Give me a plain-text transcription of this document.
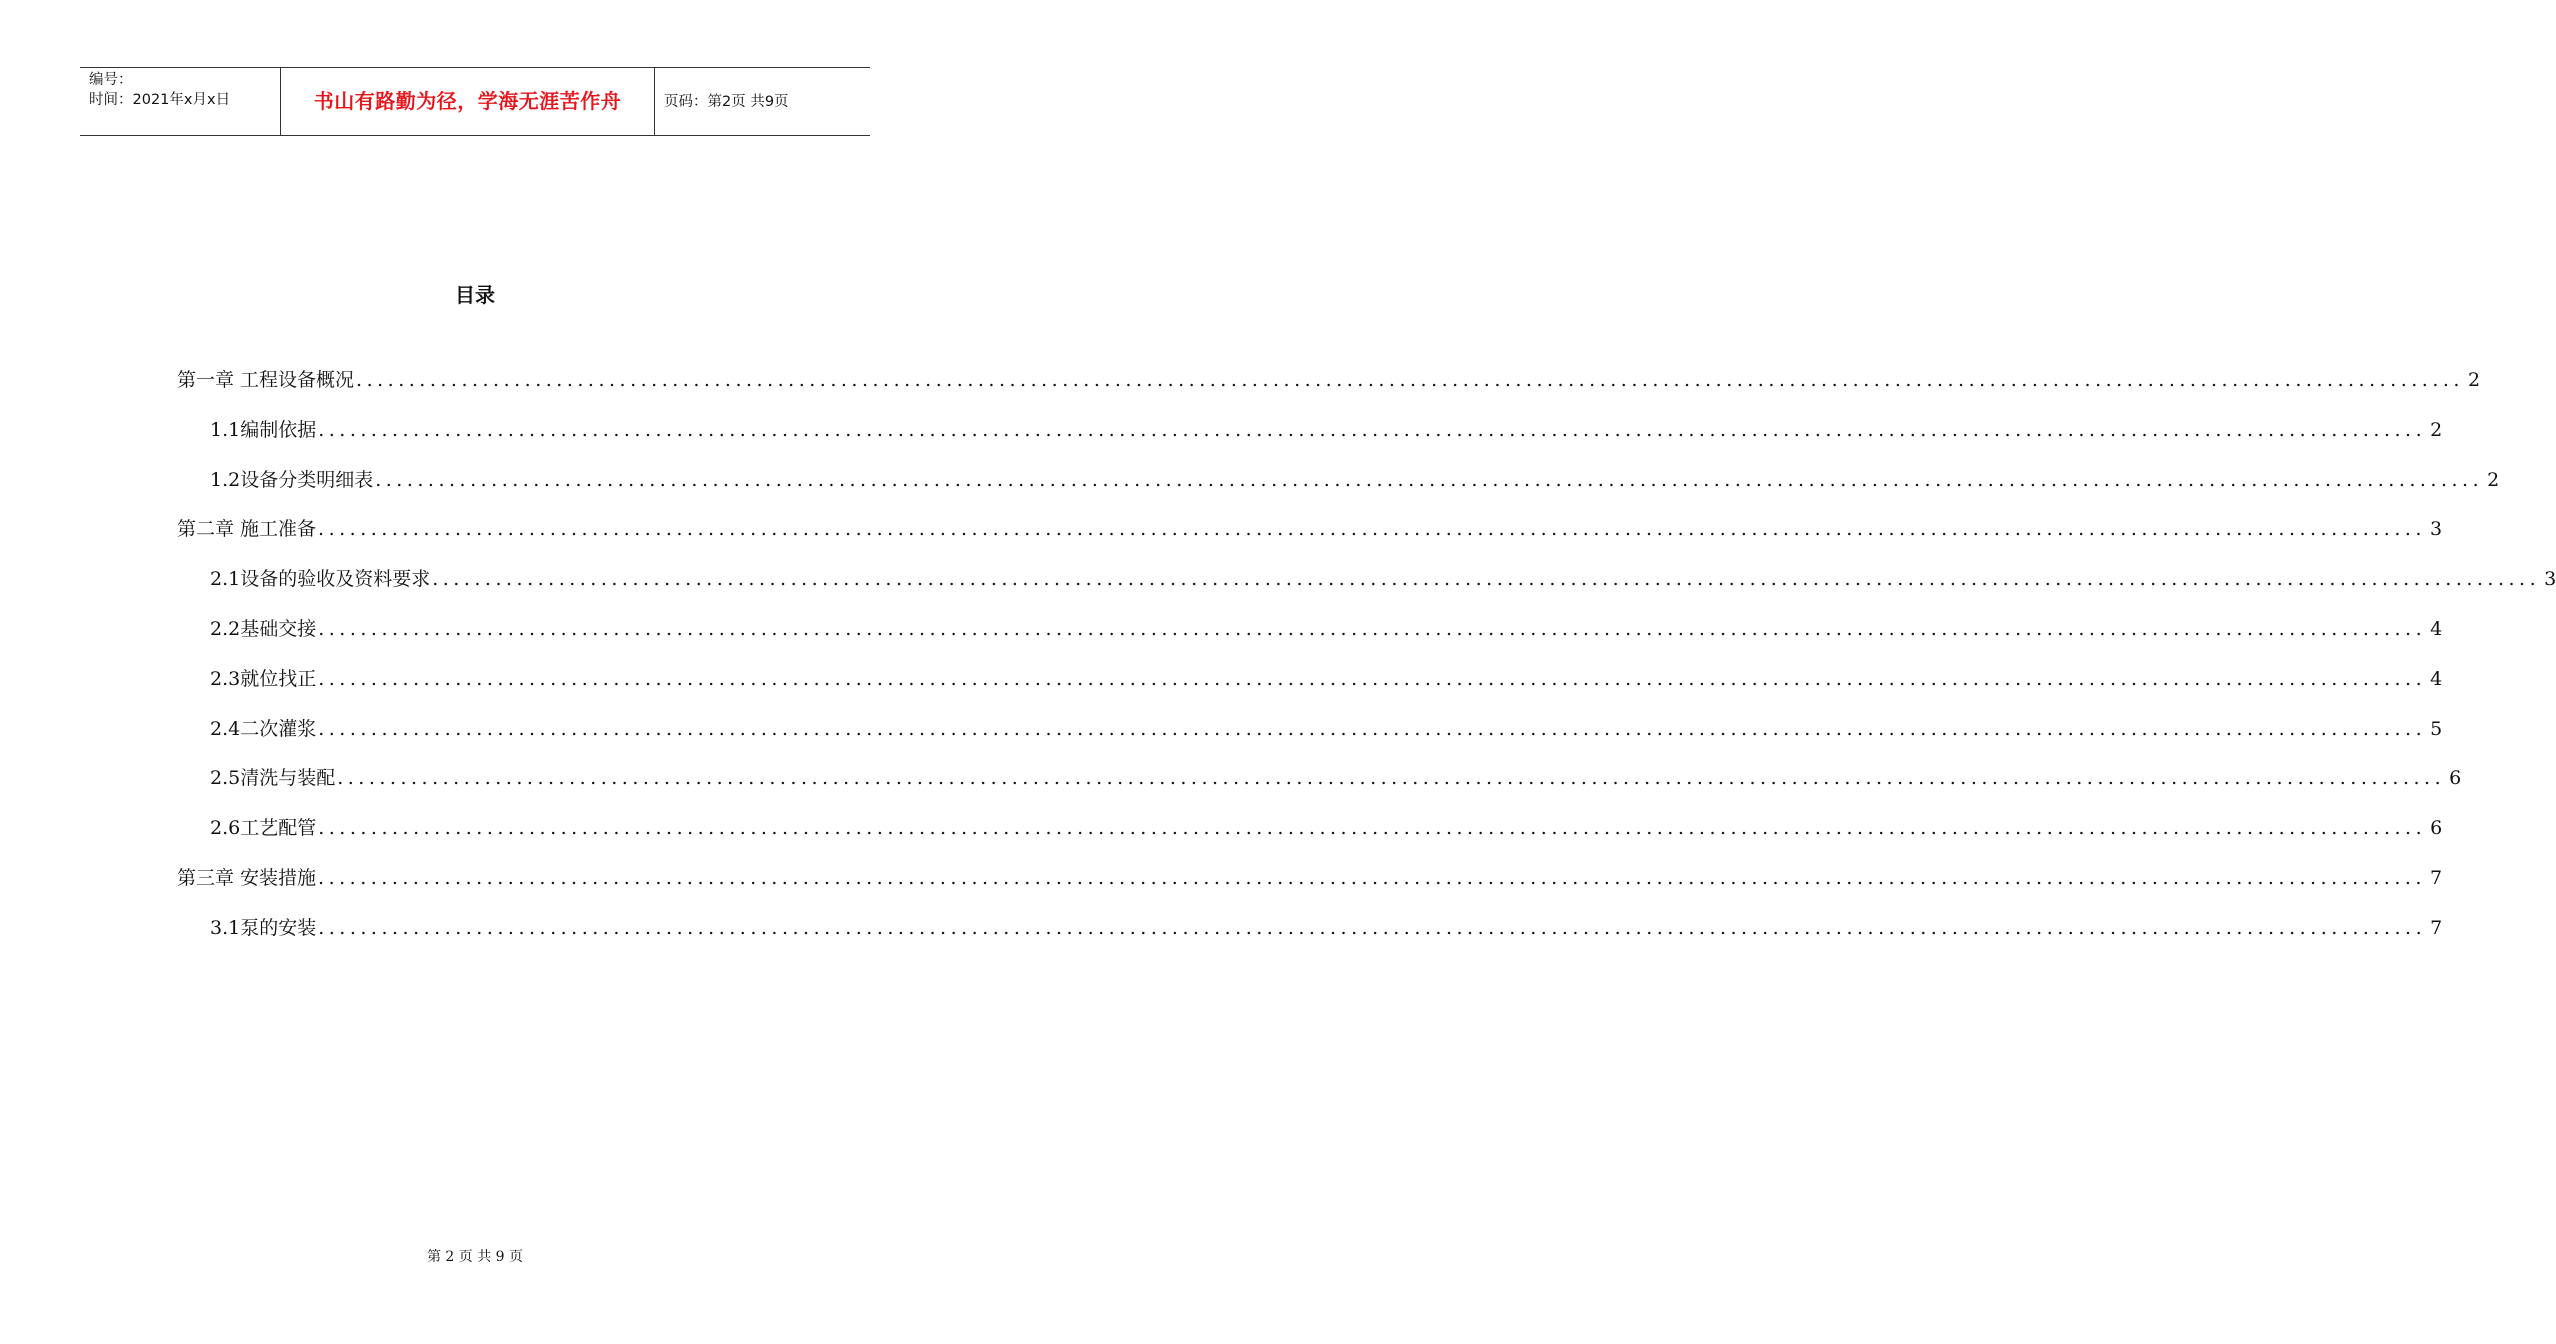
编号：
时间：2021年x月x日	书山有路勤为径，学海无涯苦作舟	页码：第2页 共9页
目录
第一章 工程设备概况 ........................................................................................................................................................................................................ 2
1.1编制依据 ........................................................................................................................................................................................................ 2
1.2设备分类明细表 ........................................................................................................................................................................................................ 2
第二章 施工准备 ........................................................................................................................................................................................................ 3
2.1设备的验收及资料要求 ........................................................................................................................................................................................................ 3
2.2基础交接 ........................................................................................................................................................................................................ 4
2.3就位找正 ........................................................................................................................................................................................................ 4
2.4二次灌浆 ........................................................................................................................................................................................................ 5
2.5清洗与装配 ........................................................................................................................................................................................................ 6
2.6工艺配管 ........................................................................................................................................................................................................ 6
第三章 安装措施 ........................................................................................................................................................................................................ 7
3.1泵的安装 ........................................................................................................................................................................................................ 7
第 2 页 共 9 页
